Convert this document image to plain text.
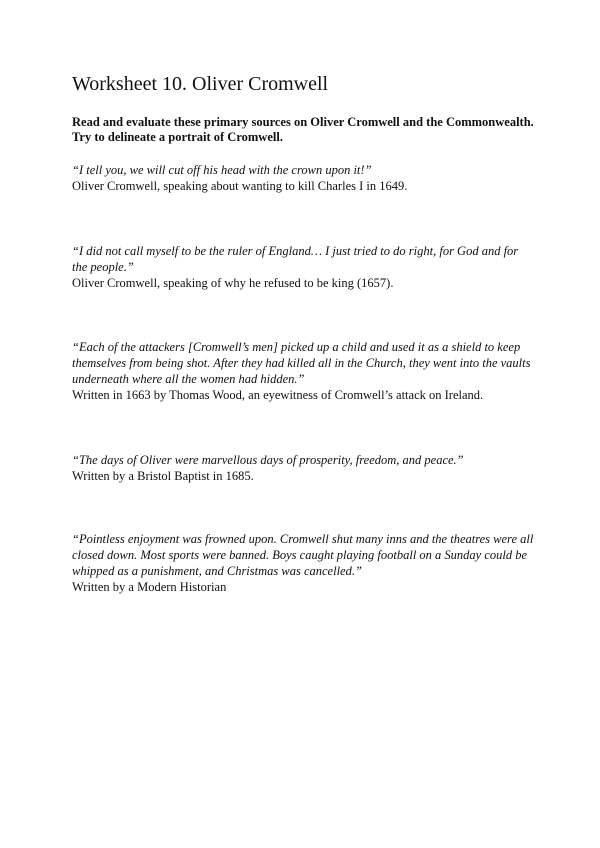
Worksheet 10. Oliver Cromwell

Read and evaluate these primary sources on Oliver Cromwell and the Commonwealth.
Try to delineate a portrait of Cromwell.

“I tell you, we will cut off his head with the crown upon it!”
Oliver Cromwell, speaking about wanting to kill Charles I in 1649.
“I did not call myself to be the ruler of England… I just tried to do right, for God and for the people.”
Oliver Cromwell, speaking of why he refused to be king (1657).
“Each of the attackers [Cromwell’s men] picked up a child and used it as a shield to keep themselves from being shot. After they had killed all in the Church, they went into the vaults underneath where all the women had hidden.”
Written in 1663 by Thomas Wood, an eyewitness of Cromwell’s attack on Ireland.
“The days of Oliver were marvellous days of prosperity, freedom, and peace.”
Written by a Bristol Baptist in 1685.
“Pointless enjoyment was frowned upon. Cromwell shut many inns and the theatres were all closed down. Most sports were banned. Boys caught playing football on a Sunday could be whipped as a punishment, and Christmas was cancelled.”
Written by a Modern Historian
